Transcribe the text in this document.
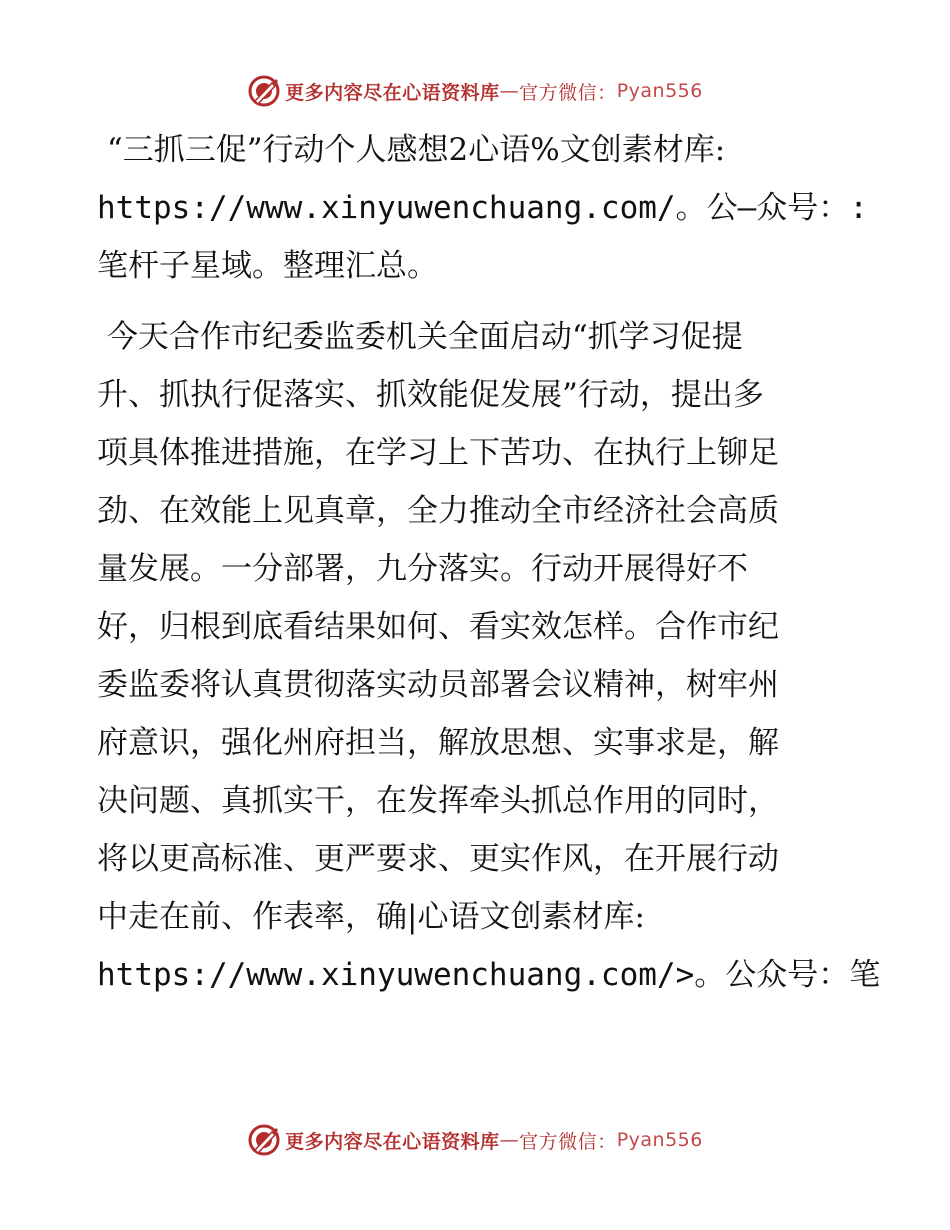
更多内容尽在心语资料库 — 官方微信： Pyan556
“三抓三促”行动个人感想2心语%文创素材库:
https://www.xinyuwenchuang.com/。公—众号：:
笔杆子星域。整理汇总。
今天合作市纪委监委机关全面启动“抓学习促提
升、抓执行促落实、抓效能促发展”行动，提出多
项具体推进措施，在学习上下苦功、在执行上铆足
劲、在效能上见真章，全力推动全市经济社会高质
量发展。一分部署，九分落实。行动开展得好不
好，归根到底看结果如何、看实效怎样。合作市纪
委监委将认真贯彻落实动员部署会议精神，树牢州
府意识，强化州府担当，解放思想、实事求是，解
决问题、真抓实干，在发挥牵头抓总作用的同时，
将以更高标准、更严要求、更实作风，在开展行动
中走在前、作表率，确|心语文创素材库:
https://www.xinyuwenchuang.com/>。公众号：笔
更多内容尽在心语资料库 — 官方微信： Pyan556
